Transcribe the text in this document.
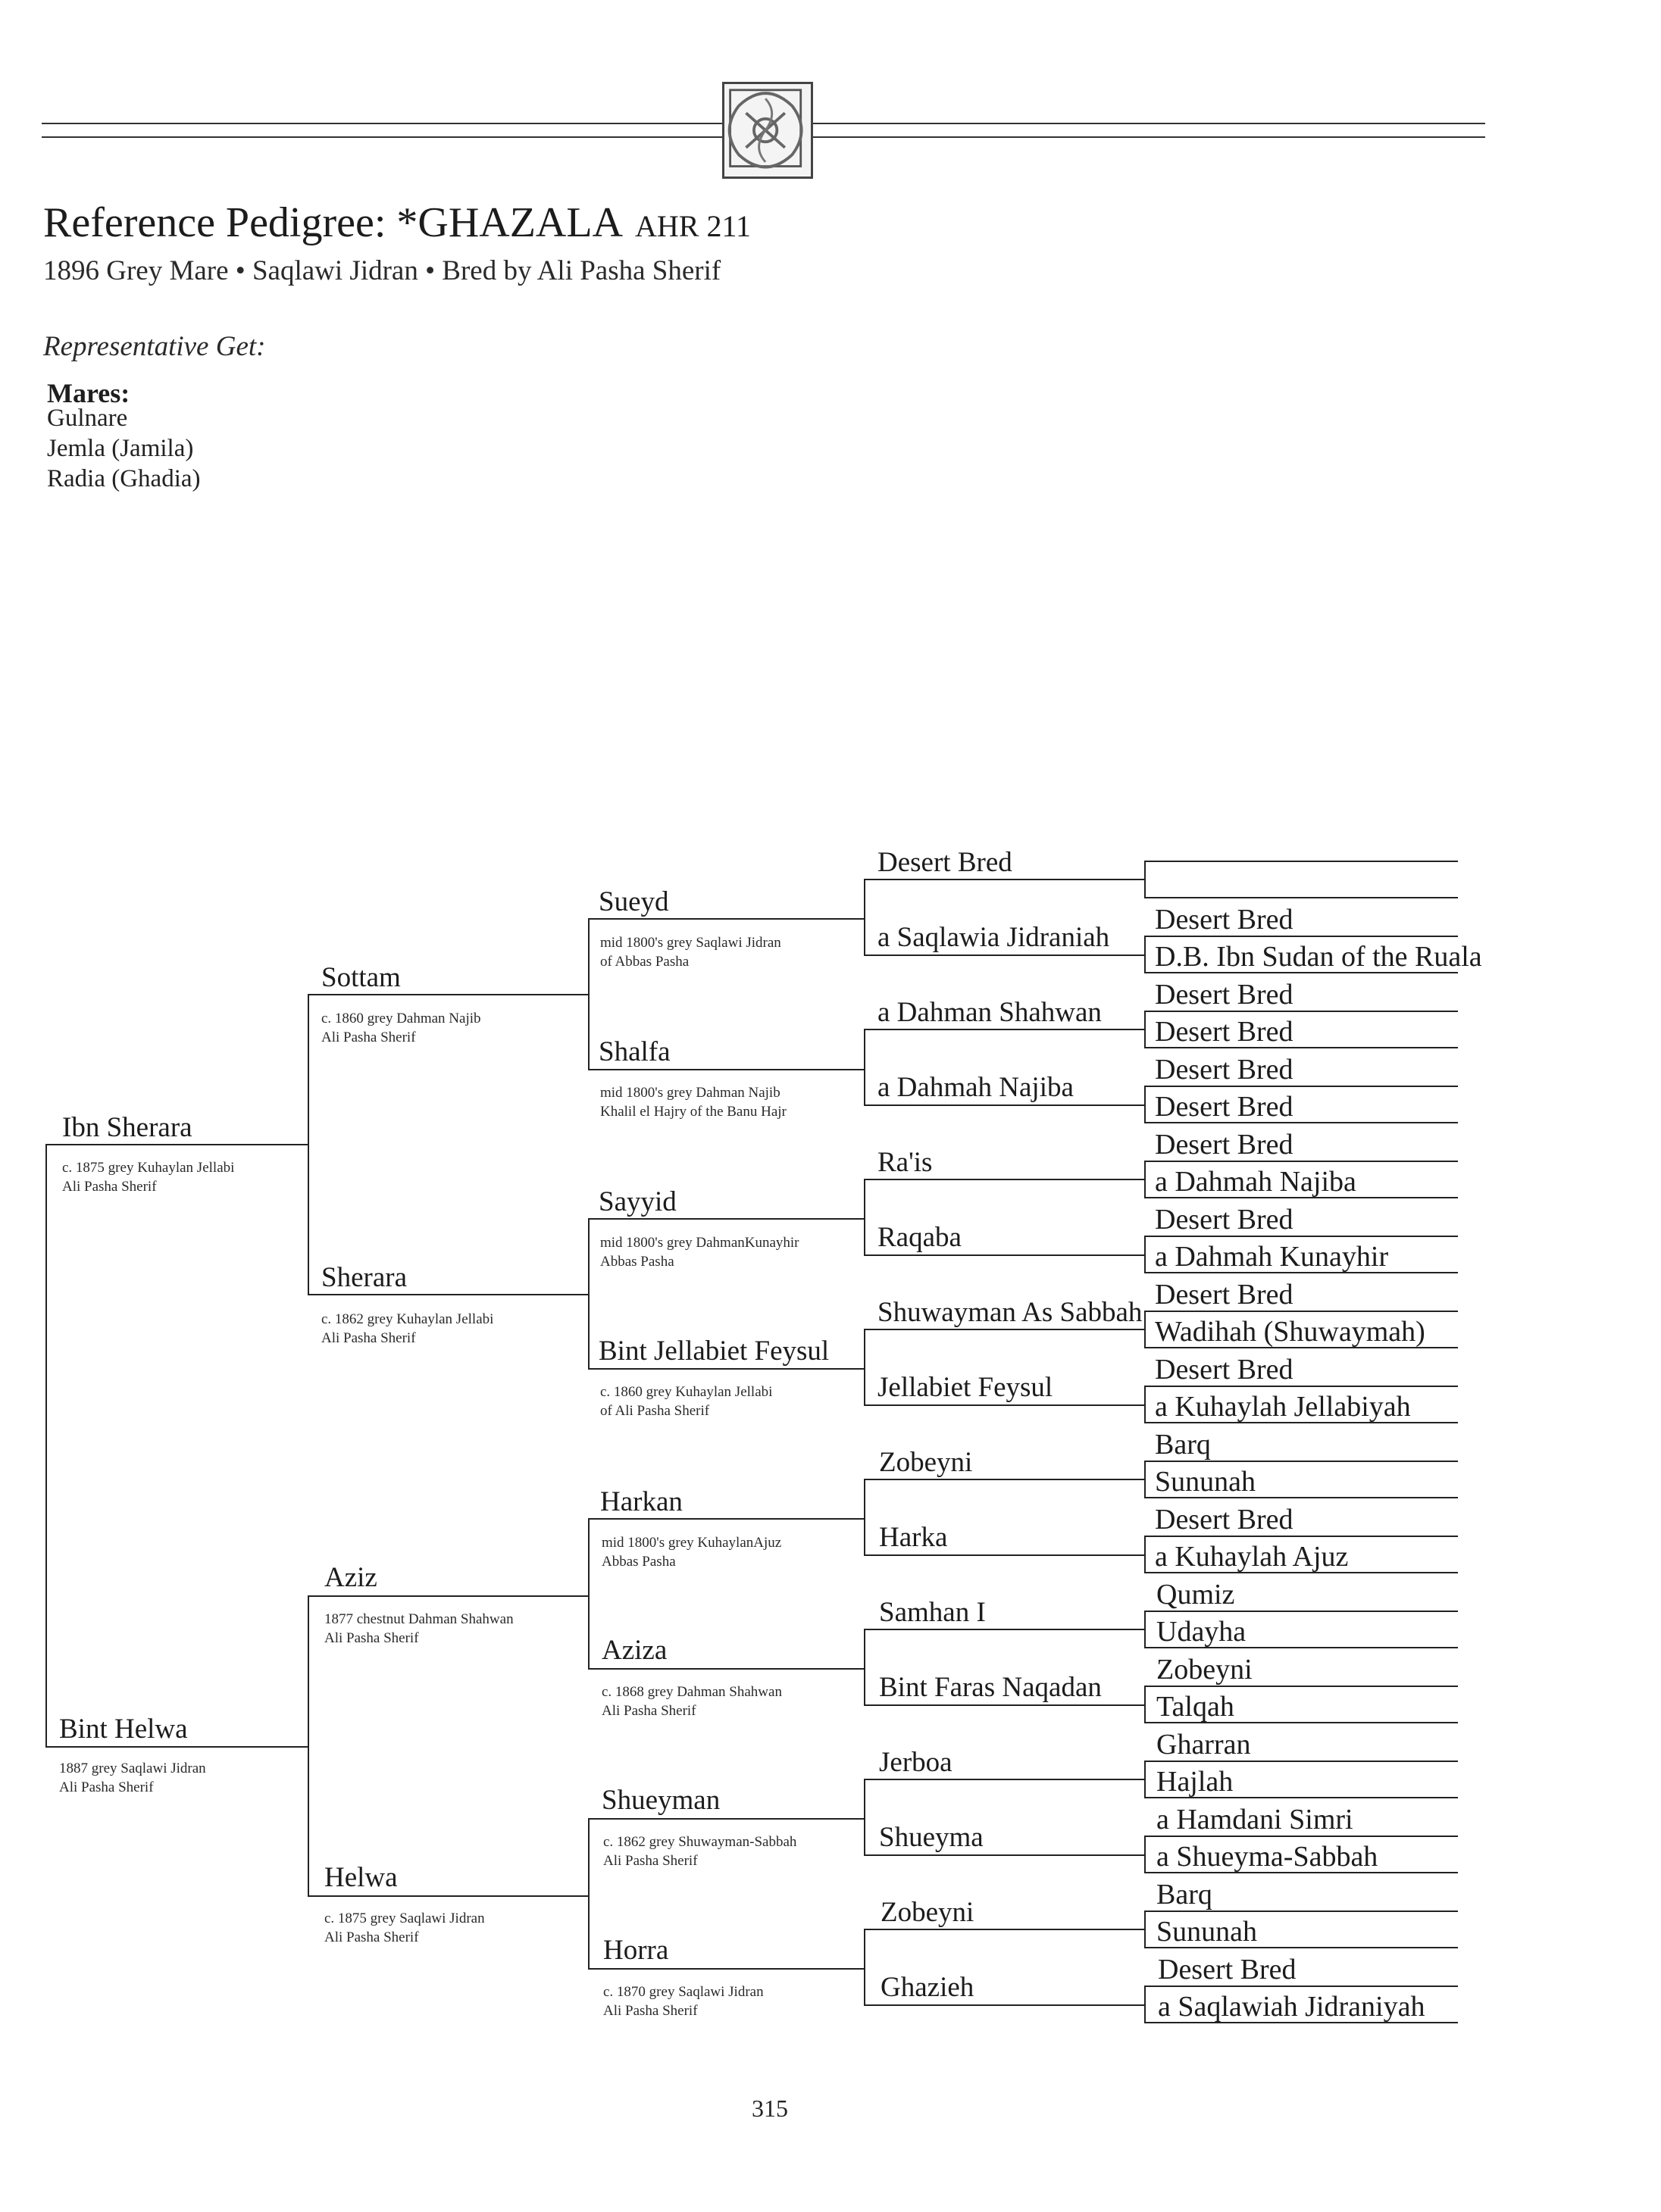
Reference Pedigree: *GHAZALA AHR 211
1896 Grey Mare • Saqlawi Jidran • Bred by Ali Pasha Sherif
Representative Get:
Mares:
Gulnare
Jemla (Jamila)
Radia (Ghadia)
Ibn Sherara
c. 1875 grey Kuhaylan Jellabi
Ali Pasha Sherif
Bint Helwa
1887 grey Saqlawi Jidran
Ali Pasha Sherif
Sottam
c. 1860 grey Dahman Najib
Ali Pasha Sherif
Sherara
c. 1862 grey Kuhaylan Jellabi
Ali Pasha Sherif
Aziz
1877 chestnut Dahman Shahwan
Ali Pasha Sherif
Helwa
c. 1875 grey Saqlawi Jidran
Ali Pasha Sherif
Sueyd
mid 1800's grey Saqlawi Jidran
of Abbas Pasha
Shalfa
mid 1800's grey Dahman Najib
Khalil el Hajry of the Banu Hajr
Sayyid
mid 1800's grey DahmanKunayhir
Abbas Pasha
Bint Jellabiet Feysul
c. 1860 grey Kuhaylan Jellabi
of Ali Pasha Sherif
Harkan
mid 1800's grey KuhaylanAjuz
Abbas Pasha
Aziza
c. 1868 grey Dahman Shahwan
Ali Pasha Sherif
Shueyman
c. 1862 grey Shuwayman-Sabbah
Ali Pasha Sherif
Horra
c. 1870 grey Saqlawi Jidran
Ali Pasha Sherif
Desert Bred
a Saqlawia Jidraniah
a Dahman Shahwan
a Dahmah Najiba
Ra'is
Raqaba
Shuwayman As Sabbah
Jellabiet Feysul
Zobeyni
Harka
Samhan I
Bint Faras Naqadan
Jerboa
Shueyma
Zobeyni
Ghazieh
Desert Bred
D.B. Ibn Sudan of the Ruala
Desert Bred
Desert Bred
Desert Bred
Desert Bred
Desert Bred
a Dahmah Najiba
Desert Bred
a Dahmah Kunayhir
Desert Bred
Wadihah (Shuwaymah)
Desert Bred
a Kuhaylah Jellabiyah
Barq
Sununah
Desert Bred
a Kuhaylah Ajuz
Qumiz
Udayha
Zobeyni
Talqah
Gharran
Hajlah
a Hamdani Simri
a Shueyma-Sabbah
Barq
Sununah
Desert Bred
a Saqlawiah Jidraniyah
315
